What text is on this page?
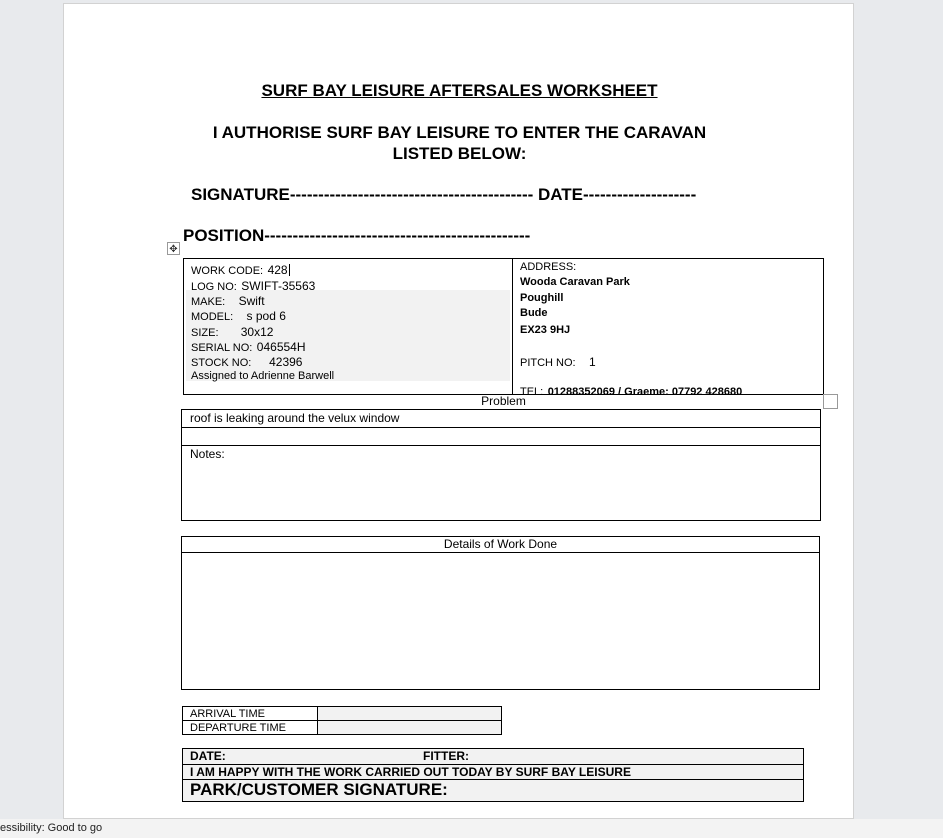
SURF BAY LEISURE AFTERSALES WORKSHEET
I AUTHORISE SURF BAY LEISURE TO ENTER THE CARAVAN
LISTED BELOW:
SIGNATURE------------------------------------------- DATE--------------------
POSITION-----------------------------------------------
✥
WORK CODE: 428
LOG NO: SWIFT-35563
MAKE: Swift
MODEL: s pod 6
SIZE: 30x12
SERIAL NO: 046554H
STOCK NO: 42396
Assigned to Adrienne Barwell
ADDRESS:
Wooda Caravan Park
Poughill
Bude
EX23 9HJ
PITCH NO: 1
TEL: 01288352069 / Graeme: 07792 428680
Problem
roof is leaking around the velux window
Notes:
Details of Work Done
ARRIVAL TIME
DEPARTURE TIME
DATE:	FITTER:
I AM HAPPY WITH THE WORK CARRIED OUT TODAY BY SURF BAY LEISURE
PARK/CUSTOMER SIGNATURE:
essibility: Good to go
